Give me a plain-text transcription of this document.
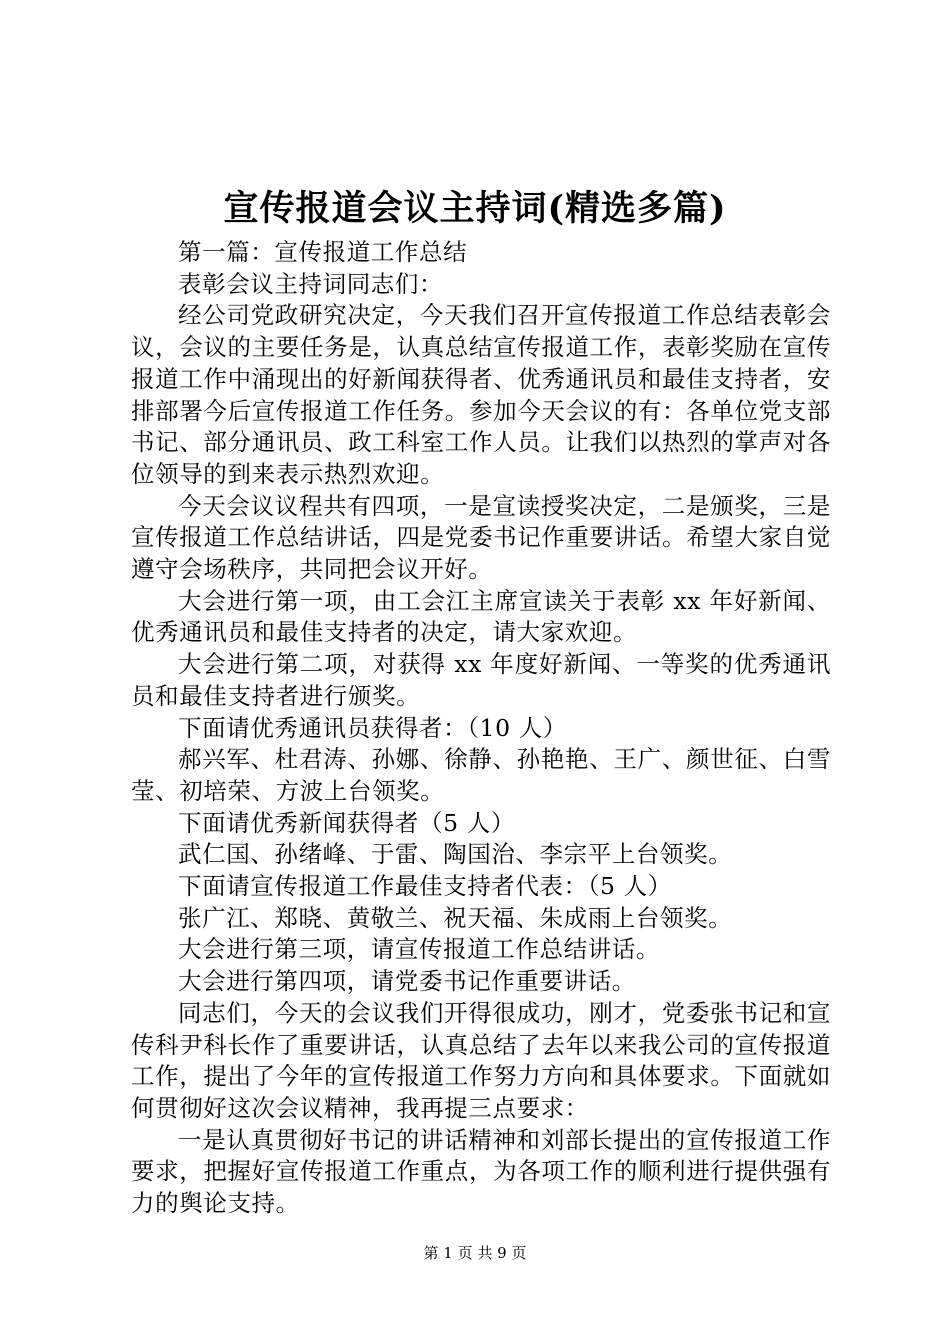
宣传报道会议主持词(精选多篇)

第一篇：宣传报道工作总结

表彰会议主持词同志们：

经公司党政研究决定，今天我们召开宣传报道工作总结表彰会议，会议的主要任务是，认真总结宣传报道工作，表彰奖励在宣传报道工作中涌现出的好新闻获得者、优秀通讯员和最佳支持者，安排部署今后宣传报道工作任务。参加今天会议的有：各单位党支部书记、部分通讯员、政工科室工作人员。让我们以热烈的掌声对各位领导的到来表示热烈欢迎。

今天会议议程共有四项，一是宣读授奖决定，二是颁奖，三是宣传报道工作总结讲话，四是党委书记作重要讲话。希望大家自觉遵守会场秩序，共同把会议开好。

大会进行第一项，由工会江主席宣读关于表彰 xx 年好新闻、优秀通讯员和最佳支持者的决定，请大家欢迎。

大会进行第二项，对获得 xx 年度好新闻、一等奖的优秀通讯员和最佳支持者进行颁奖。

下面请优秀通讯员获得者：（10 人）

郝兴军、杜君涛、孙娜、徐静、孙艳艳、王广、颜世征、白雪莹、初培荣、方波上台领奖。

下面请优秀新闻获得者（5 人）

武仁国、孙绪峰、于雷、陶国治、李宗平上台领奖。

下面请宣传报道工作最佳支持者代表：（5 人）

张广江、郑晓、黄敬兰、祝天福、朱成雨上台领奖。

大会进行第三项，请宣传报道工作总结讲话。

大会进行第四项，请党委书记作重要讲话。

同志们，今天的会议我们开得很成功，刚才，党委张书记和宣传科尹科长作了重要讲话，认真总结了去年以来我公司的宣传报道工作，提出了今年的宣传报道工作努力方向和具体要求。下面就如何贯彻好这次会议精神，我再提三点要求：

一是认真贯彻好书记的讲话精神和刘部长提出的宣传报道工作要求，把握好宣传报道工作重点，为各项工作的顺利进行提供强有力的舆论支持。

第 1 页 共 9 页
